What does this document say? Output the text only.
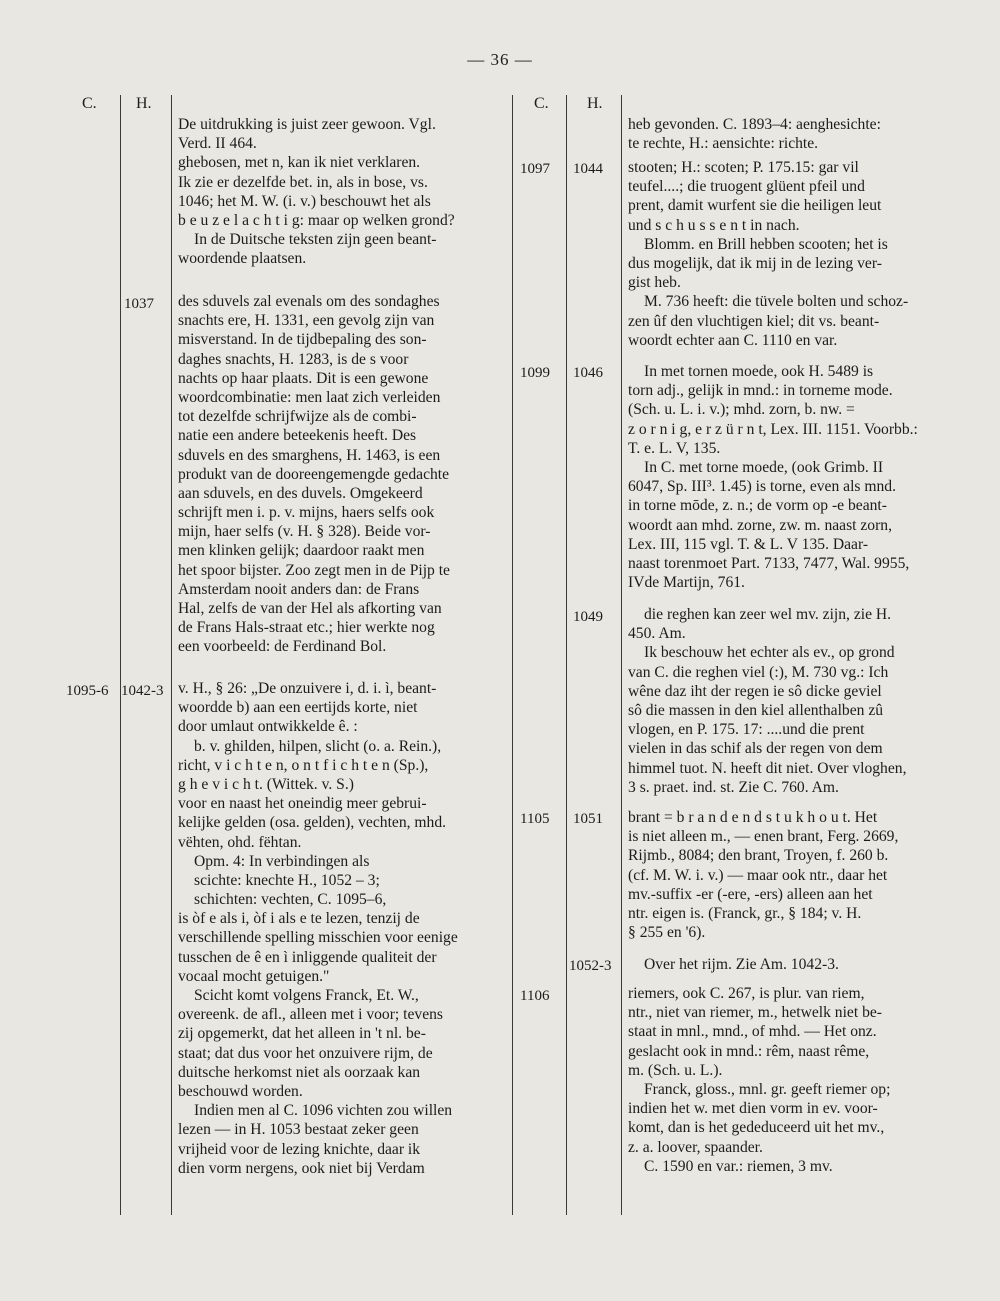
— 36 —
C. H.	C. H.
De uitdrukking is juist zeer gewoon. Vgl.
Verd. II 464.
ghebosen, met n, kan ik niet verklaren.
Ik zie er dezelfde bet. in, als in bose, vs.
1046; het M. W. (i. v.) beschouwt het als
b e u z e l a c h t i g: maar op welken grond?
In de Duitsche teksten zijn geen beant-
woordende plaatsen.
1037 des sduvels zal evenals om des sondaghes
snachts ere, H. 1331, een gevolg zijn van
misverstand. In de tijdbepaling des son-
daghes snachts, H. 1283, is de s voor
nachts op haar plaats. Dit is een gewone
woordcombinatie: men laat zich verleiden
tot dezelfde schrijfwijze als de combi-
natie een andere beteekenis heeft. Des
sduvels en des smarghens, H. 1463, is een
produkt van de dooreengemengde gedachte
aan sduvels, en des duvels. Omgekeerd
schrijft men i. p. v. mijns, haers selfs ook
mijn, haer selfs (v. H. § 328). Beide vor-
men klinken gelijk; daardoor raakt men
het spoor bijster. Zoo zegt men in de Pijp te
Amsterdam nooit anders dan: de Frans
Hal, zelfs de van der Hel als afkorting van
de Frans Hals-straat etc.; hier werkte nog
een voorbeeld: de Ferdinand Bol.
1095-6 1042-3 v. H., § 26: „De onzuivere i, d. i. ì, beant-
woordde b) aan een eertijds korte, niet
door umlaut ontwikkelde ê. :
b. v. ghilden, hilpen, slicht (o. a. Rein.),
richt, v i c h t e n, o n t f i c h t e n (Sp.),
g h e v i c h t. (Wittek. v. S.)
voor en naast het oneindig meer gebrui-
kelijke gelden (osa. gelden), vechten, mhd.
vëhten, ohd. fëhtan.
Opm. 4: In verbindingen als
scichte: knechte H., 1052 – 3;
schichten: vechten, C. 1095–6,
is òf e als i, òf i als e te lezen, tenzij de
verschillende spelling misschien voor eenige
tusschen de ê en ì inliggende qualiteit der
vocaal mocht getuigen."
Scicht komt volgens Franck, Et. W.,
overeenk. de afl., alleen met i voor; tevens
zij opgemerkt, dat het alleen in 't nl. be-
staat; dat dus voor het onzuivere rijm, de
duitsche herkomst niet als oorzaak kan
beschouwd worden.
Indien men al C. 1096 vichten zou willen
lezen — in H. 1053 bestaat zeker geen
vrijheid voor de lezing knichte, daar ik
dien vorm nergens, ook niet bij Verdam
heb gevonden. C. 1893–4: aenghesichte:
te rechte, H.: aensichte: richte.
1097 1044 stooten; H.: scoten; P. 175.15: gar vil
teufel....; die truogent glüent pfeil und
prent, damit wurfent sie die heiligen leut
und s c h u s s e n t in nach.
Blomm. en Brill hebben scooten; het is
dus mogelijk, dat ik mij in de lezing ver-
gist heb.
M. 736 heeft: die tüvele bolten und schoz-
zen ûf den vluchtigen kiel; dit vs. beant-
woordt echter aan C. 1110 en var.
1099 1046	In met tornen moede, ook H. 5489 is
torn adj., gelijk in mnd.: in torneme mode.
(Sch. u. L. i. v.); mhd. zorn, b. nw. =
z o r n i g, e r z ü r n t, Lex. III. 1151. Voorbb.:
T. e. L. V, 135.
In C. met torne moede, (ook Grimb. II
6047, Sp. III³. 1.45) is torne, even als mnd.
in torne mōde, z. n.; de vorm op -e beant-
woordt aan mhd. zorne, zw. m. naast zorn,
Lex. III, 115 vgl. T. & L. V 135. Daar-
naast torenmoet Part. 7133, 7477, Wal. 9955,
IVde Martijn, 761.
1049	die reghen kan zeer wel mv. zijn, zie H.
450. Am.
Ik beschouw het echter als ev., op grond
van C. die reghen viel (:), M. 730 vg.: Ich
wêne daz iht der regen ie sô dicke geviel
sô die massen in den kiel allenthalben zû
vlogen, en P. 175. 17: ....und die prent
vielen in das schif als der regen von dem
himmel tuot. N. heeft dit niet. Over vloghen,
3 s. praet. ind. st. Zie C. 760. Am.
1105 1051 brant = b r a n d e n d s t u k h o u t. Het
is niet alleen m., — enen brant, Ferg. 2669,
Rijmb., 8084; den brant, Troyen, f. 260 b.
(cf. M. W. i. v.) — maar ook ntr., daar het
mv.-suffix -er (-ere, -ers) alleen aan het
ntr. eigen is. (Franck, gr., § 184; v. H.
§ 255 en '6).
1052-3	Over het rijm. Zie Am. 1042-3.
1106	riemers, ook C. 267, is plur. van riem,
ntr., niet van riemer, m., hetwelk niet be-
staat in mnl., mnd., of mhd. — Het onz.
geslacht ook in mnd.: rêm, naast rême,
m. (Sch. u. L.).
Franck, gloss., mnl. gr. geeft riemer op;
indien het w. met dien vorm in ev. voor-
komt, dan is het gededuceerd uit het mv.,
z. a. loover, spaander.
C. 1590 en var.: riemen, 3 mv.
